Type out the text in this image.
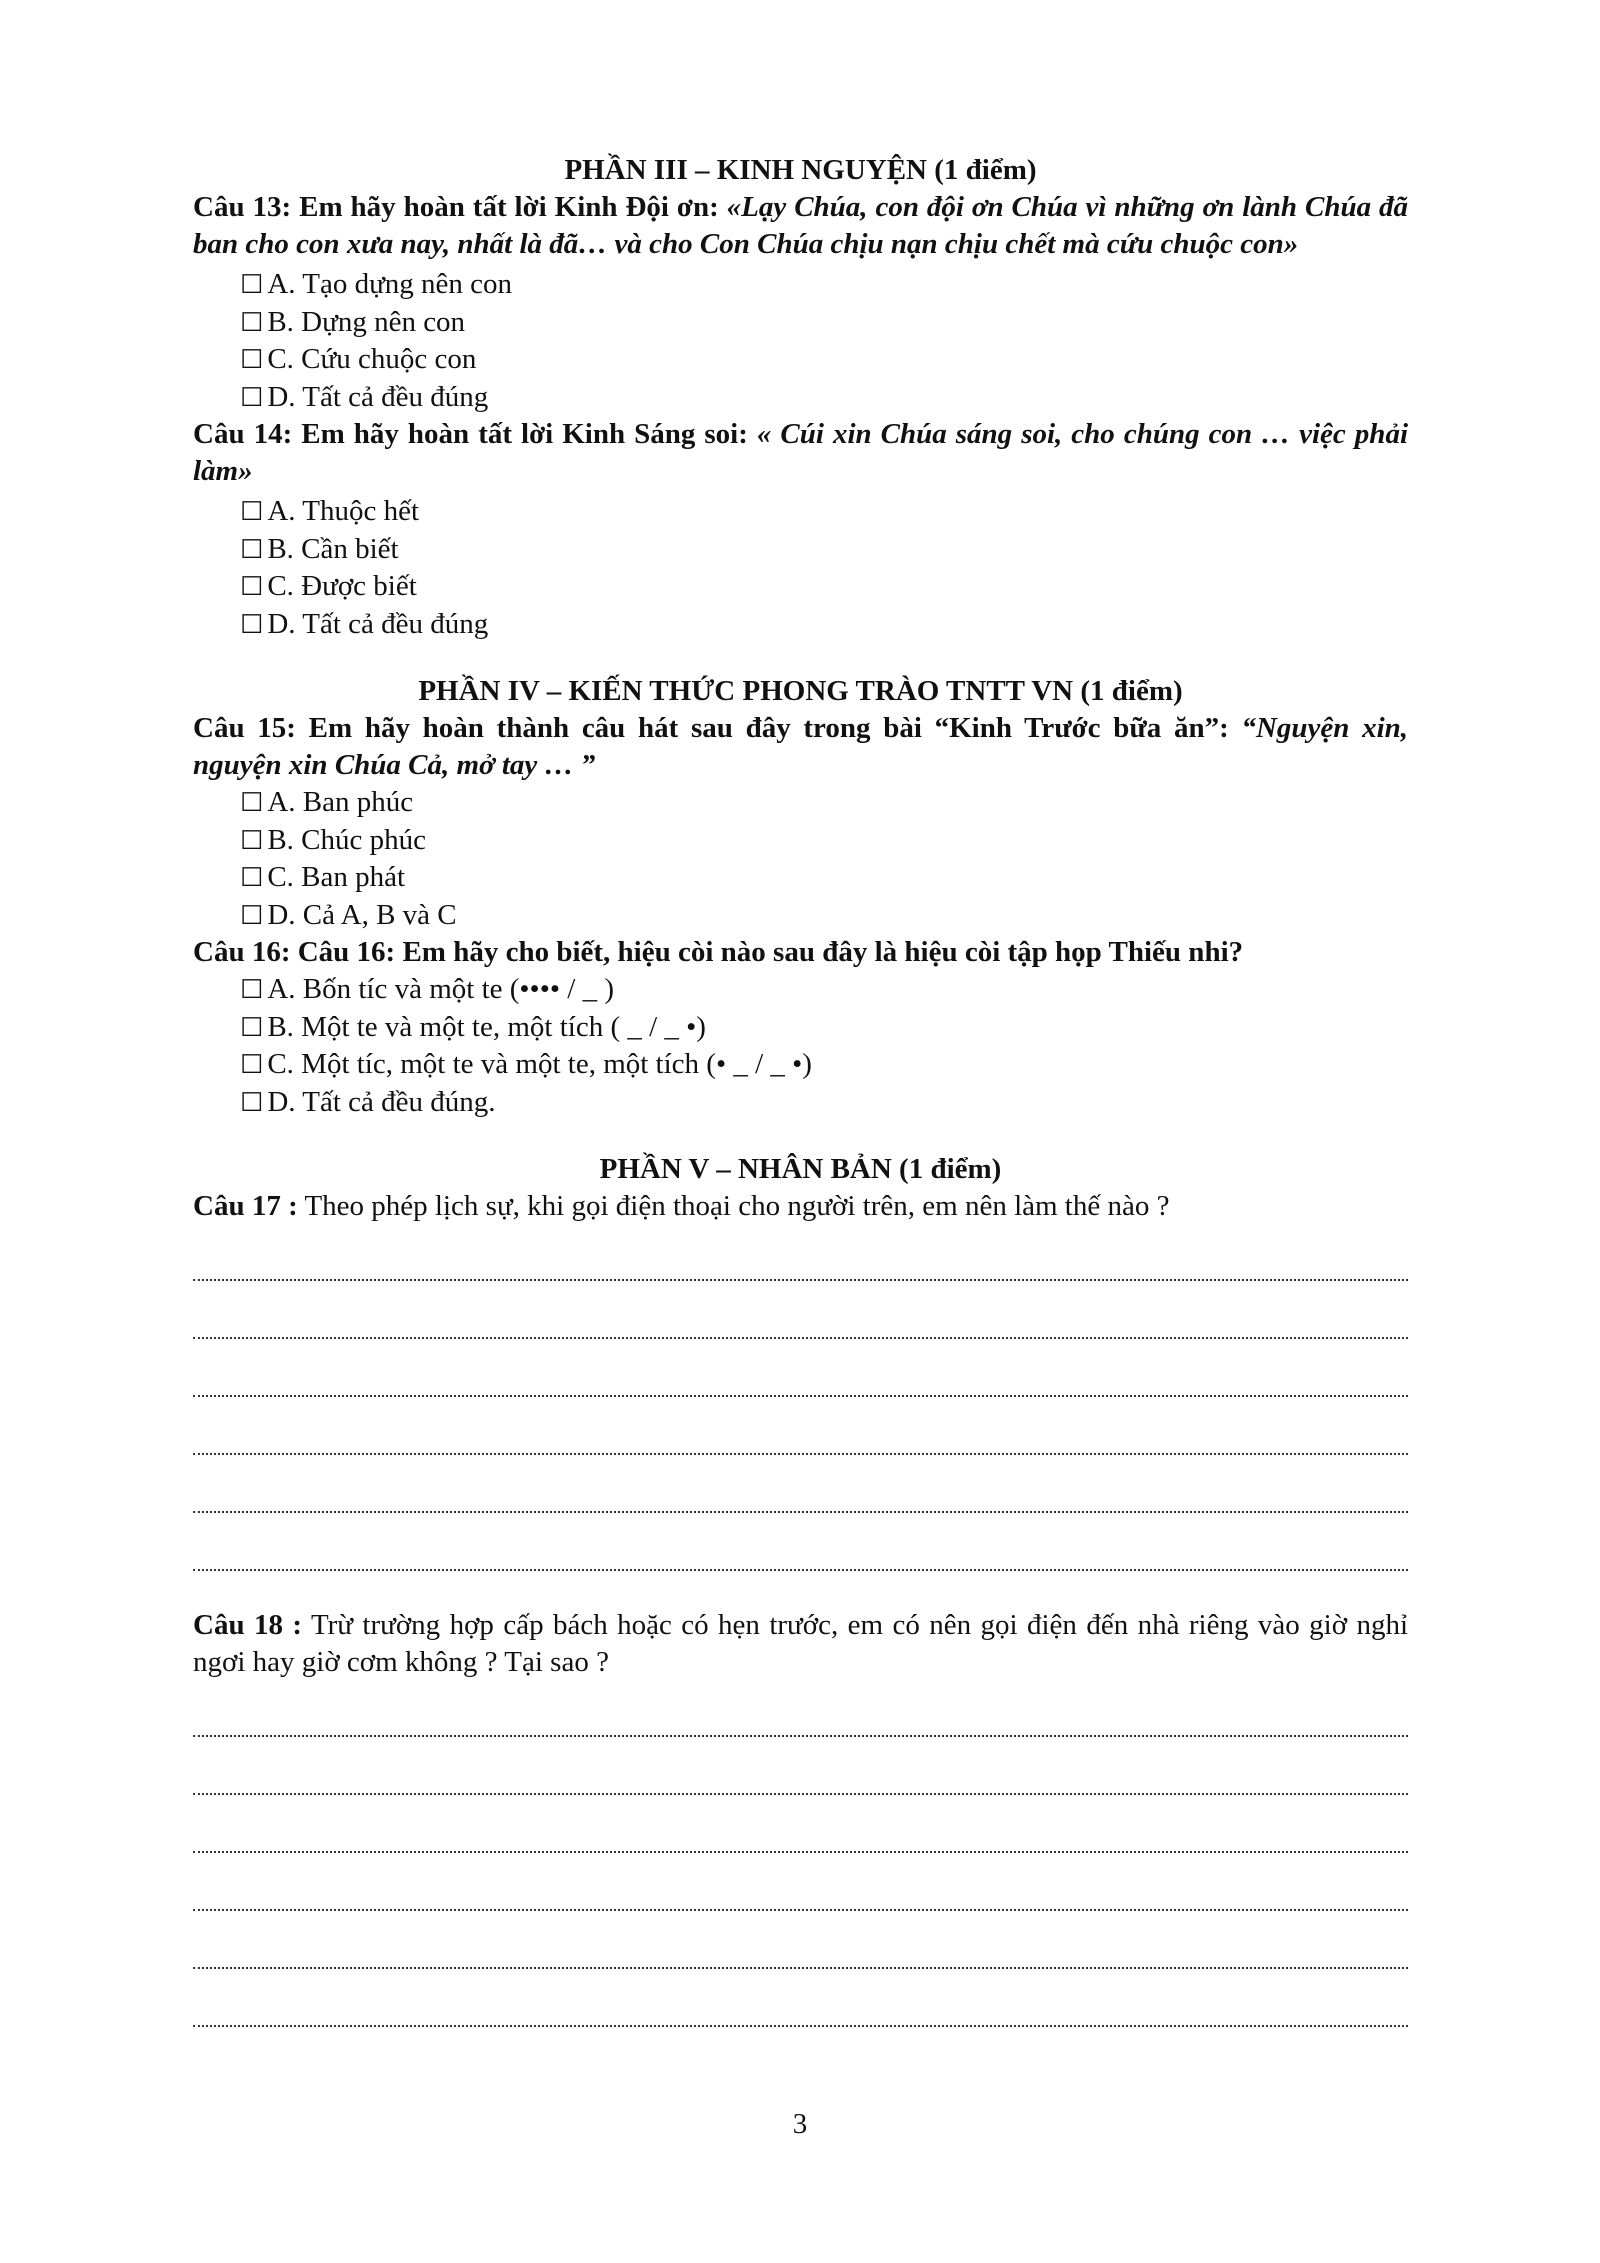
PHẦN III – KINH NGUYỆN (1 điểm)

Câu 13: Em hãy hoàn tất lời Kinh Đội ơn: «Lạy Chúa, con đội ơn Chúa vì những ơn lành Chúa đã ban cho con xưa nay, nhất là đã… và cho Con Chúa chịu nạn chịu chết mà cứu chuộc con»

☐ A. Tạo dựng nên con
☐ B. Dựng nên con
☐ C. Cứu chuộc con
☐ D. Tất cả đều đúng

Câu 14: Em hãy hoàn tất lời Kinh Sáng soi: « Cúi xin Chúa sáng soi, cho chúng con … việc phải làm»

☐ A. Thuộc hết
☐ B. Cần biết
☐ C. Được biết
☐ D. Tất cả đều đúng
PHẦN IV – KIẾN THỨC PHONG TRÀO TNTT VN (1 điểm)

Câu 15: Em hãy hoàn thành câu hát sau đây trong bài “Kinh Trước bữa ăn”: “Nguyện xin, nguyện xin Chúa Cả, mở tay … ”

☐ A. Ban phúc
☐ B. Chúc phúc
☐ C. Ban phát
☐ D. Cả A, B và C

Câu 16: Câu 16: Em hãy cho biết, hiệu còi nào sau đây là hiệu còi tập họp Thiếu nhi?

☐ A. Bốn tíc và một te (•••• / _ )
☐ B. Một te và một te, một tích ( _ / _ •)
☐ C. Một tíc, một te và một te, một tích (• _ / _ •)
☐ D. Tất cả đều đúng.
PHẦN V – NHÂN BẢN (1 điểm)

Câu 17 : Theo phép lịch sự, khi gọi điện thoại cho người trên, em nên làm thế nào ?

Câu 18 : Trừ trường hợp cấp bách hoặc có hẹn trước, em có nên gọi điện đến nhà riêng vào giờ nghỉ ngơi hay giờ cơm không ? Tại sao ?

3
